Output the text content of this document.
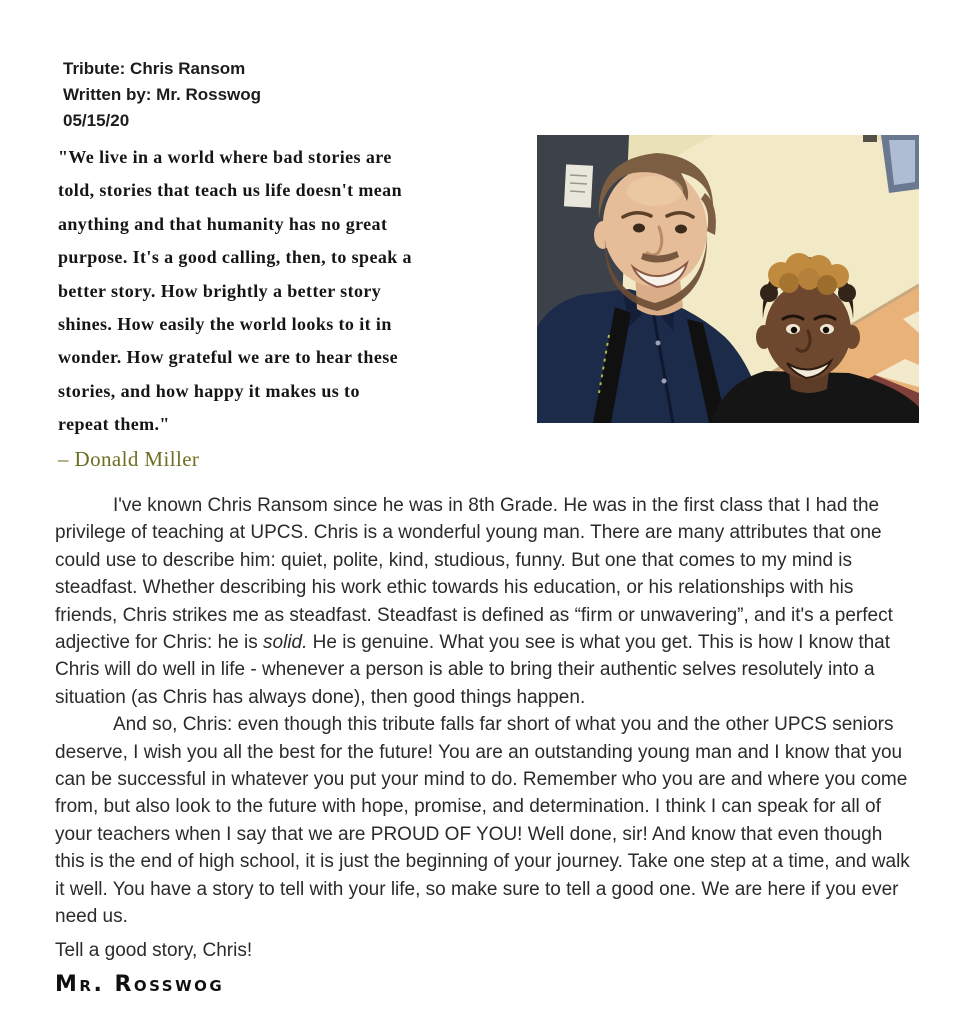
Tribute: Chris Ransom
Written by: Mr. Rosswog
05/15/20
"We live in a world where bad stories are
told, stories that teach us life doesn't mean
anything and that humanity has no great
purpose. It's a good calling, then, to speak a
better story. How brightly a better story
shines. How easily the world looks to it in
wonder. How grateful we are to hear these
stories, and how happy it makes us to
repeat them."
– Donald Miller

I've known Chris Ransom since he was in 8th Grade. He was in the first class that I had the privilege of teaching at UPCS. Chris is a wonderful young man. There are many attributes that one could use to describe him: quiet, polite, kind, studious, funny. But one that comes to my mind is steadfast. Whether describing his work ethic towards his education, or his relationships with his friends, Chris strikes me as steadfast. Steadfast is defined as “firm or unwavering”, and it's a perfect adjective for Chris: he is solid. He is genuine. What you see is what you get. This is how I know that Chris will do well in life - whenever a person is able to bring their authentic selves resolutely into a situation (as Chris has always done), then good things happen.

And so, Chris: even though this tribute falls far short of what you and the other UPCS seniors deserve, I wish you all the best for the future! You are an outstanding young man and I know that you can be successful in whatever you put your mind to do. Remember who you are and where you come from, but also look to the future with hope, promise, and determination. I think I can speak for all of your teachers when I say that we are PROUD OF YOU! Well done, sir! And know that even though this is the end of high school, it is just the beginning of your journey. Take one step at a time, and walk it well. You have a story to tell with your life, so make sure to tell a good one. We are here if you ever need us.

Tell a good story, Chris!

Mr. Rosswog
